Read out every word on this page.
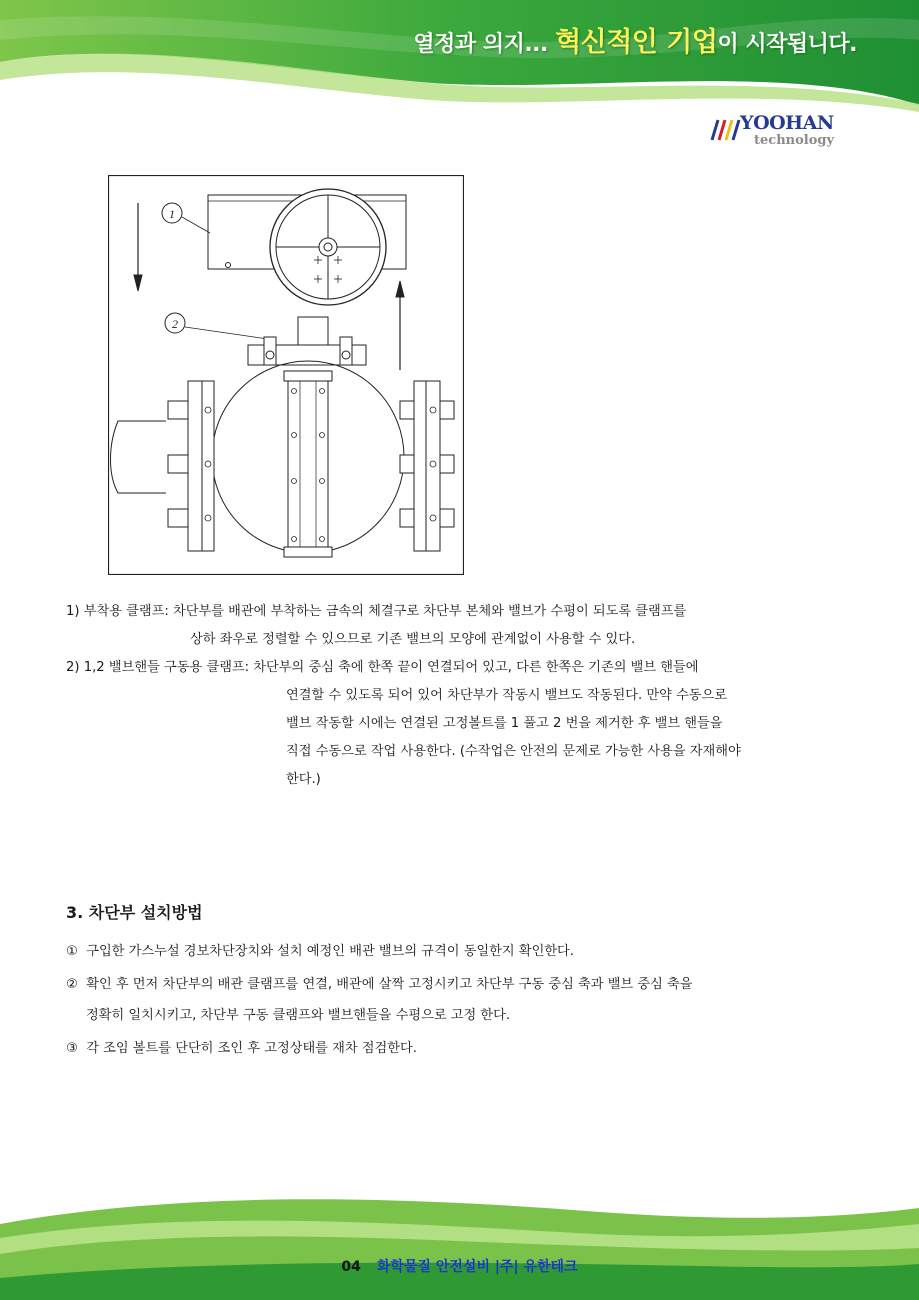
열정과 의지... 혁신적인 기업이 시작됩니다.
YOOHAN
technology
1
2
1) 부착용 클램프: 차단부를 배관에 부착하는 금속의 체결구로 차단부 본체와 밸브가 수평이 되도록 클램프를
상하 좌우로 정렬할 수 있으므로 기존 밸브의 모양에 관계없이 사용할 수 있다.
2) 1,2 밸브핸들 구동용 클램프: 차단부의 중심 축에 한쪽 끝이 연결되어 있고, 다른 한쪽은 기존의 밸브 핸들에
연결할 수 있도록 되어 있어 차단부가 작동시 밸브도 작동된다. 만약 수동으로
밸브 작동할 시에는 연결된 고정볼트를 1 풀고 2 번을 제거한 후 밸브 핸들을
직접 수동으로 작업 사용한다. (수작업은 안전의 문제로 가능한 사용을 자재해야
한다.)
3. 차단부 설치방법
① 구입한 가스누설 경보차단장치와 설치 예정인 배관 밸브의 규격이 동일한지 확인한다.
② 확인 후 먼저 차단부의 배관 클램프를 연결, 배관에 살짝 고정시키고 차단부 구동 중심 축과 밸브 중심 축을
정확히 일치시키고, 차단부 구동 클램프와 밸브핸들을 수평으로 고정 한다.
③ 각 조임 볼트를 단단히 조인 후 고정상태를 재차 점검한다.
04 화학물질 안전설비 |주| 유한테크
